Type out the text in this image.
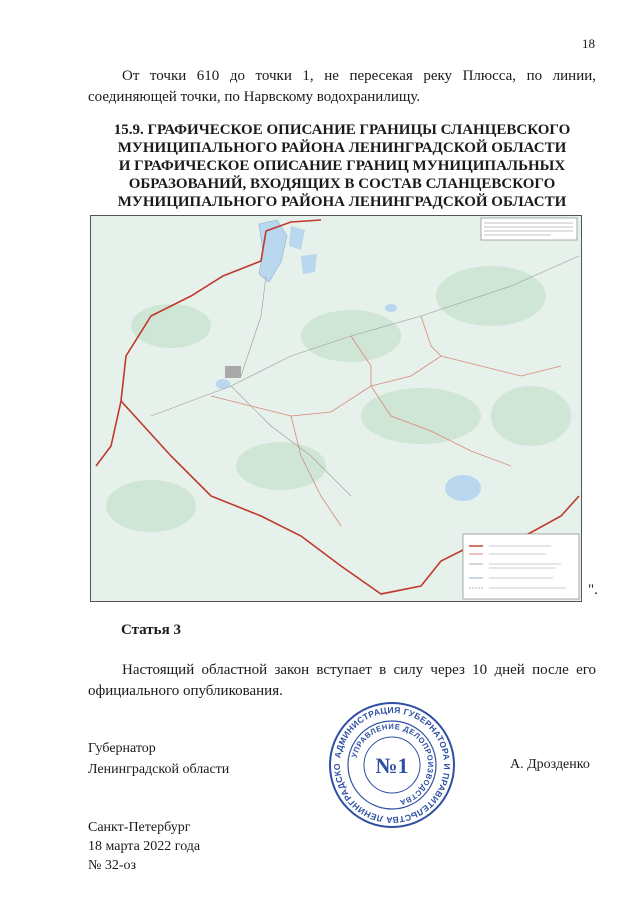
18
От точки 610 до точки 1, не пересекая реку Плюсса, по линии, соединяющей точки, по Нарвскому водохранилищу.
15.9. ГРАФИЧЕСКОЕ ОПИСАНИЕ ГРАНИЦЫ СЛАНЦЕВСКОГО
МУНИЦИПАЛЬНОГО РАЙОНА ЛЕНИНГРАДСКОЙ ОБЛАСТИ
И ГРАФИЧЕСКОЕ ОПИСАНИЕ ГРАНИЦ МУНИЦИПАЛЬНЫХ
ОБРАЗОВАНИЙ, ВХОДЯЩИХ В СОСТАВ СЛАНЦЕВСКОГО
МУНИЦИПАЛЬНОГО РАЙОНА ЛЕНИНГРАДСКОЙ ОБЛАСТИ
".
Статья 3
Настоящий областной закон вступает в силу через 10 дней после его официального опубликования.
Губернатор
Ленинградской области
АДМИНИСТРАЦИЯ ГУБЕРНАТОРА И ПРАВИТЕЛЬСТВА ЛЕНИНГРАДСКО
УПРАВЛЕНИЕ ДЕЛОПРОИЗВОДСТВА
№1	А. Дрозденко
Санкт-Петербург
18 марта 2022 года
№ 32-оз
